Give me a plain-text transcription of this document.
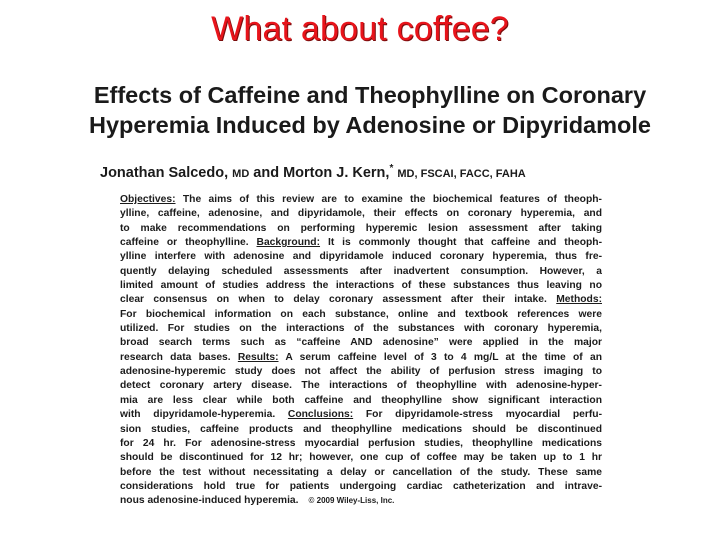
What about coffee?
Effects of Caffeine and Theophylline on Coronary
Hyperemia Induced by Adenosine or Dipyridamole
Jonathan Salcedo, MD and Morton J. Kern,* MD, FSCAI, FACC, FAHA
Objectives: The aims of this review are to examine the biochemical features of theoph-
ylline, caffeine, adenosine, and dipyridamole, their effects on coronary hyperemia, and
to make recommendations on performing hyperemic lesion assessment after taking
caffeine or theophylline. Background: It is commonly thought that caffeine and theoph-
ylline interfere with adenosine and dipyridamole induced coronary hyperemia, thus fre-
quently delaying scheduled assessments after inadvertent consumption. However, a
limited amount of studies address the interactions of these substances thus leaving no
clear consensus on when to delay coronary assessment after their intake. Methods:
For biochemical information on each substance, online and textbook references were
utilized. For studies on the interactions of the substances with coronary hyperemia,
broad search terms such as “caffeine AND adenosine” were applied in the major
research data bases. Results: A serum caffeine level of 3 to 4 mg/L at the time of an
adenosine-hyperemic study does not affect the ability of perfusion stress imaging to
detect coronary artery disease. The interactions of theophylline with adenosine-hyper-
mia are less clear while both caffeine and theophylline show significant interaction
with dipyridamole-hyperemia. Conclusions: For dipyridamole-stress myocardial perfu-
sion studies, caffeine products and theophylline medications should be discontinued
for 24 hr. For adenosine-stress myocardial perfusion studies, theophylline medications
should be discontinued for 12 hr; however, one cup of coffee may be taken up to 1 hr
before the test without necessitating a delay or cancellation of the study. These same
considerations hold true for patients undergoing cardiac catheterization and intrave-
nous adenosine-induced hyperemia. © 2009 Wiley-Liss, Inc.
